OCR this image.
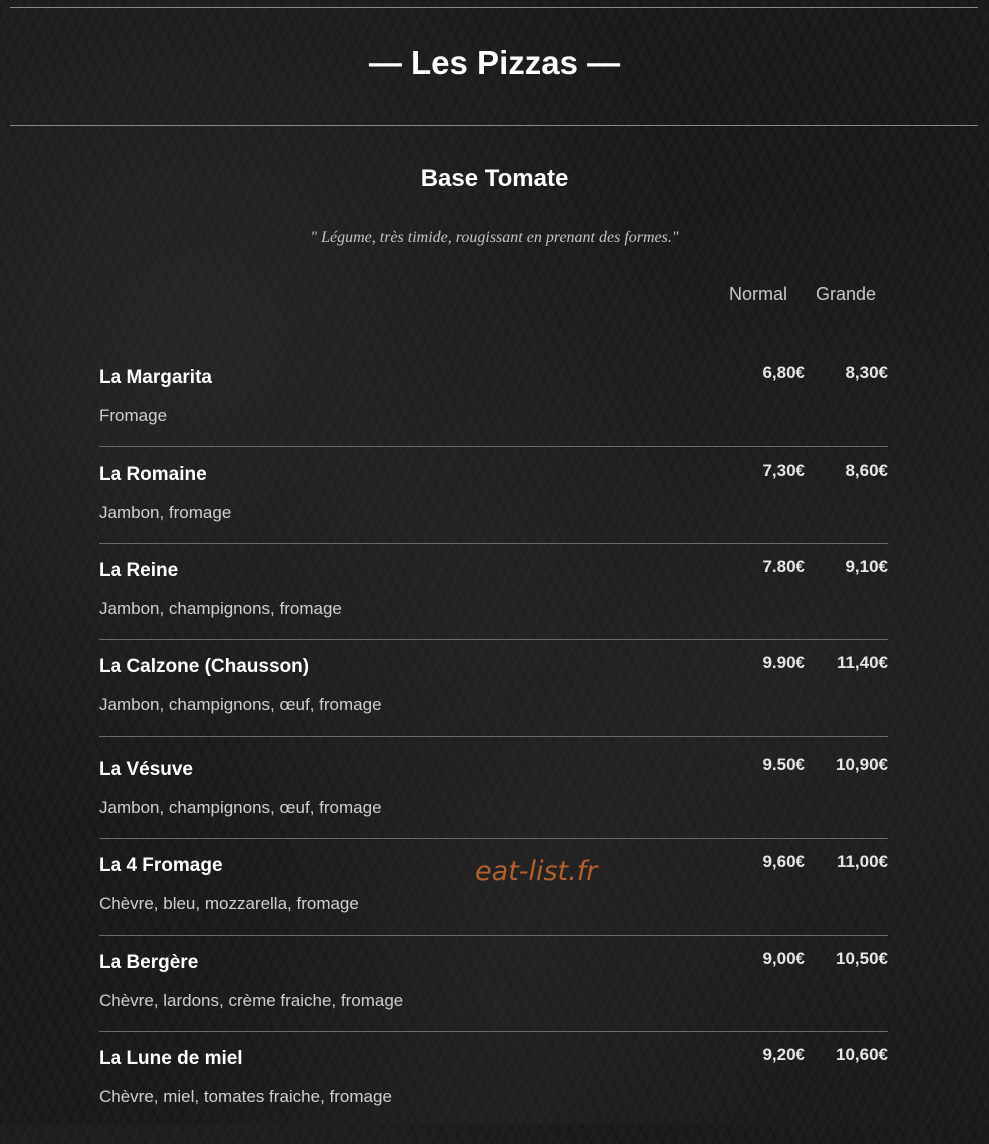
— Les Pizzas —
Base Tomate
" Légume, très timide, rougissant en prenant des formes."
Normal Grande
La Margarita
Fromage
6,80€ 8,30€
La Romaine
Jambon, fromage
7,30€ 8,60€
La Reine
Jambon, champignons, fromage
7.80€ 9,10€
La Calzone (Chausson)
Jambon, champignons, œuf, fromage
9.90€ 11,40€
La Vésuve
Jambon, champignons, œuf, fromage
9.50€ 10,90€
La 4 Fromage
Chèvre, bleu, mozzarella, fromage
9,60€ 11,00€
La Bergère
Chèvre, lardons, crème fraiche, fromage
9,00€ 10,50€
La Lune de miel
Chèvre, miel, tomates fraiche, fromage
9,20€ 10,60€
eat-list.fr
